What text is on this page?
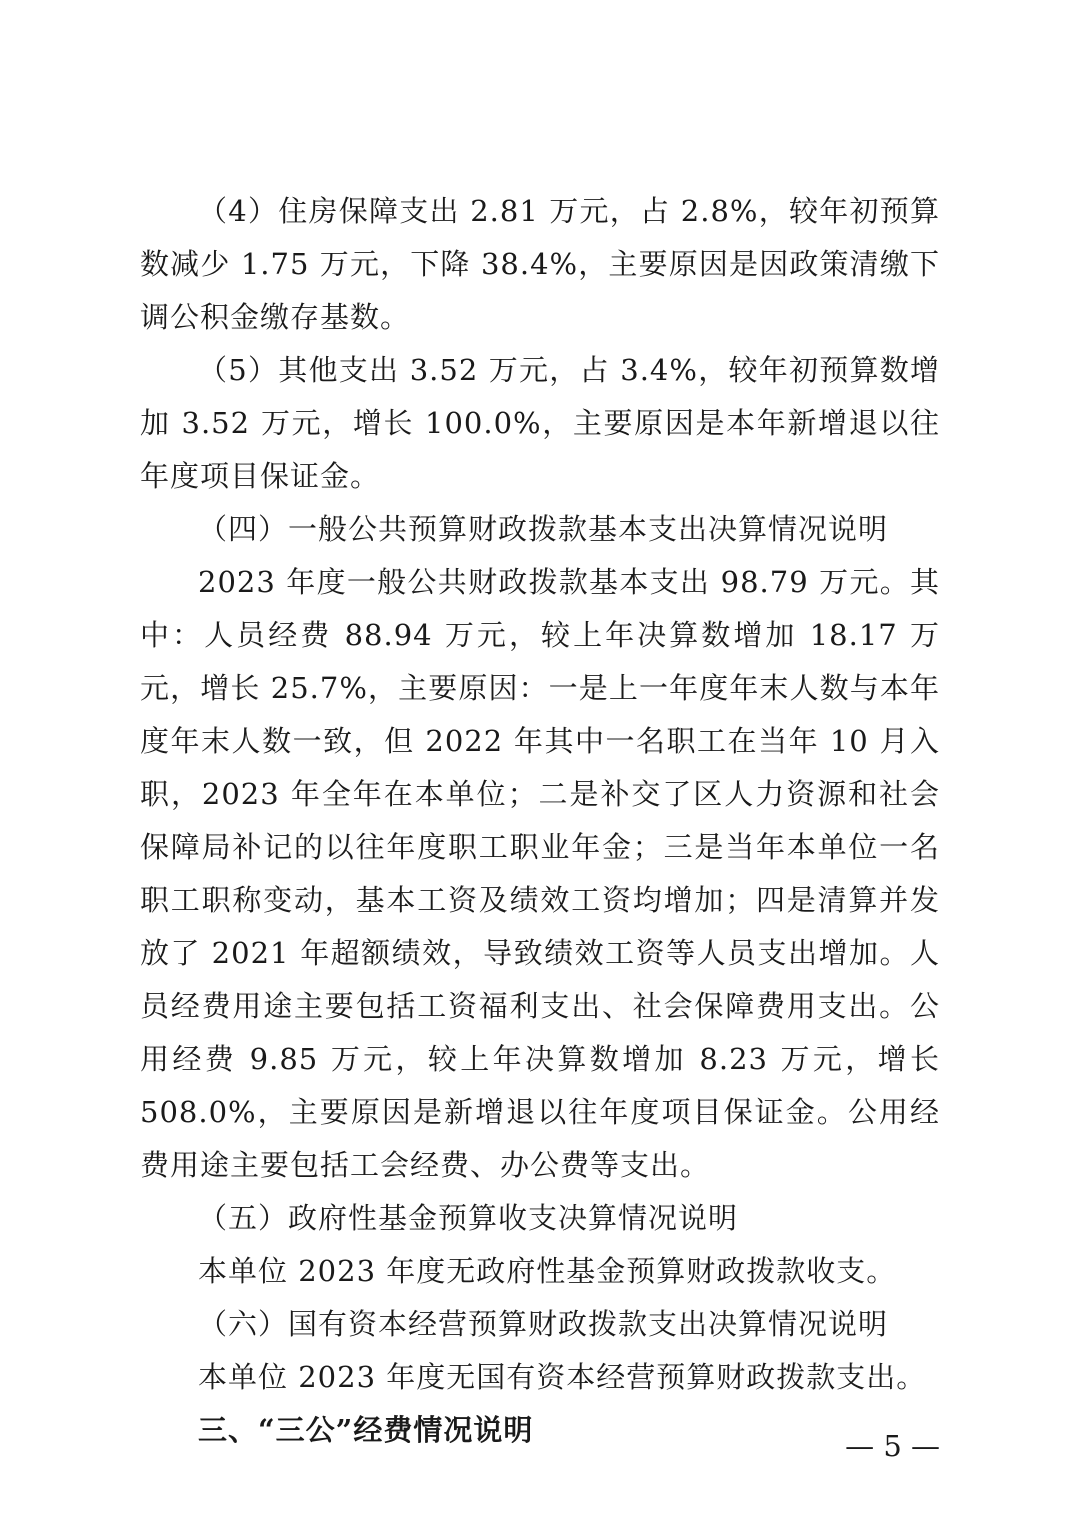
（4）住房保障支出 2.81 万元，占 2.8%，较年初预算数减少 1.75 万元，下降 38.4%，主要原因是因政策清缴下调公积金缴存基数。

（5）其他支出 3.52 万元，占 3.4%，较年初预算数增加 3.52 万元，增长 100.0%，主要原因是本年新增退以往年度项目保证金。

（四）一般公共预算财政拨款基本支出决算情况说明

2023 年度一般公共财政拨款基本支出 98.79 万元。其中：人员经费 88.94 万元，较上年决算数增加 18.17 万元，增长 25.7%，主要原因：一是上一年度年末人数与本年度年末人数一致，但 2022 年其中一名职工在当年 10 月入职，2023 年全年在本单位；二是补交了区人力资源和社会保障局补记的以往年度职工职业年金；三是当年本单位一名职工职称变动，基本工资及绩效工资均增加；四是清算并发放了 2021 年超额绩效，导致绩效工资等人员支出增加。人员经费用途主要包括工资福利支出、社会保障费用支出。公用经费 9.85 万元，较上年决算数增加 8.23 万元，增长 508.0%，主要原因是新增退以往年度项目保证金。公用经费用途主要包括工会经费、办公费等支出。

（五）政府性基金预算收支决算情况说明

本单位 2023 年度无政府性基金预算财政拨款收支。

（六）国有资本经营预算财政拨款支出决算情况说明

本单位 2023 年度无国有资本经营预算财政拨款支出。

三、“三公”经费情况说明	— 5 —
